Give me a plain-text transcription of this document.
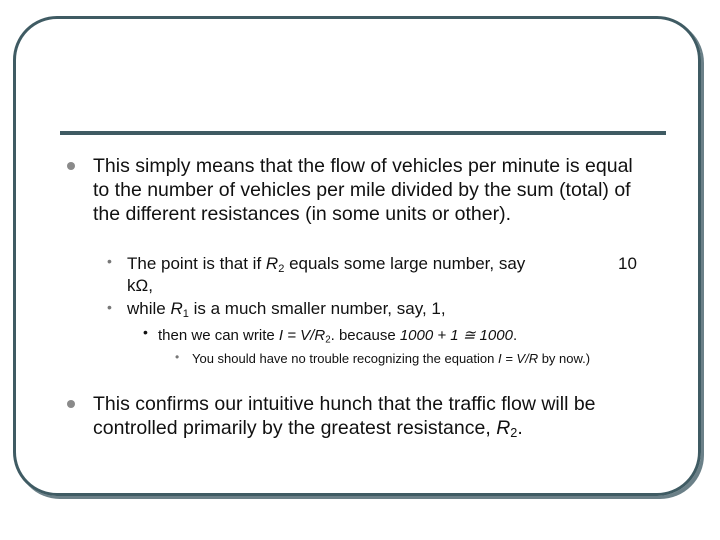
This simply means that the flow of vehicles per minute is equal to the number of vehicles per mile divided by the sum (total) of the different resistances (in some units or other).
• The point is that if $R_2$ equals some large number, say	10
kΩ,
• while $R_1$ is a much smaller number, say, 1,
• then we can write $I = V/R_2$. because 1000 + 1 ≅ 1000.
• You should have no trouble recognizing the equation I = V/R by now.)
This confirms our intuitive hunch that the traffic flow will be controlled primarily by the greatest resistance, $R_2$.
